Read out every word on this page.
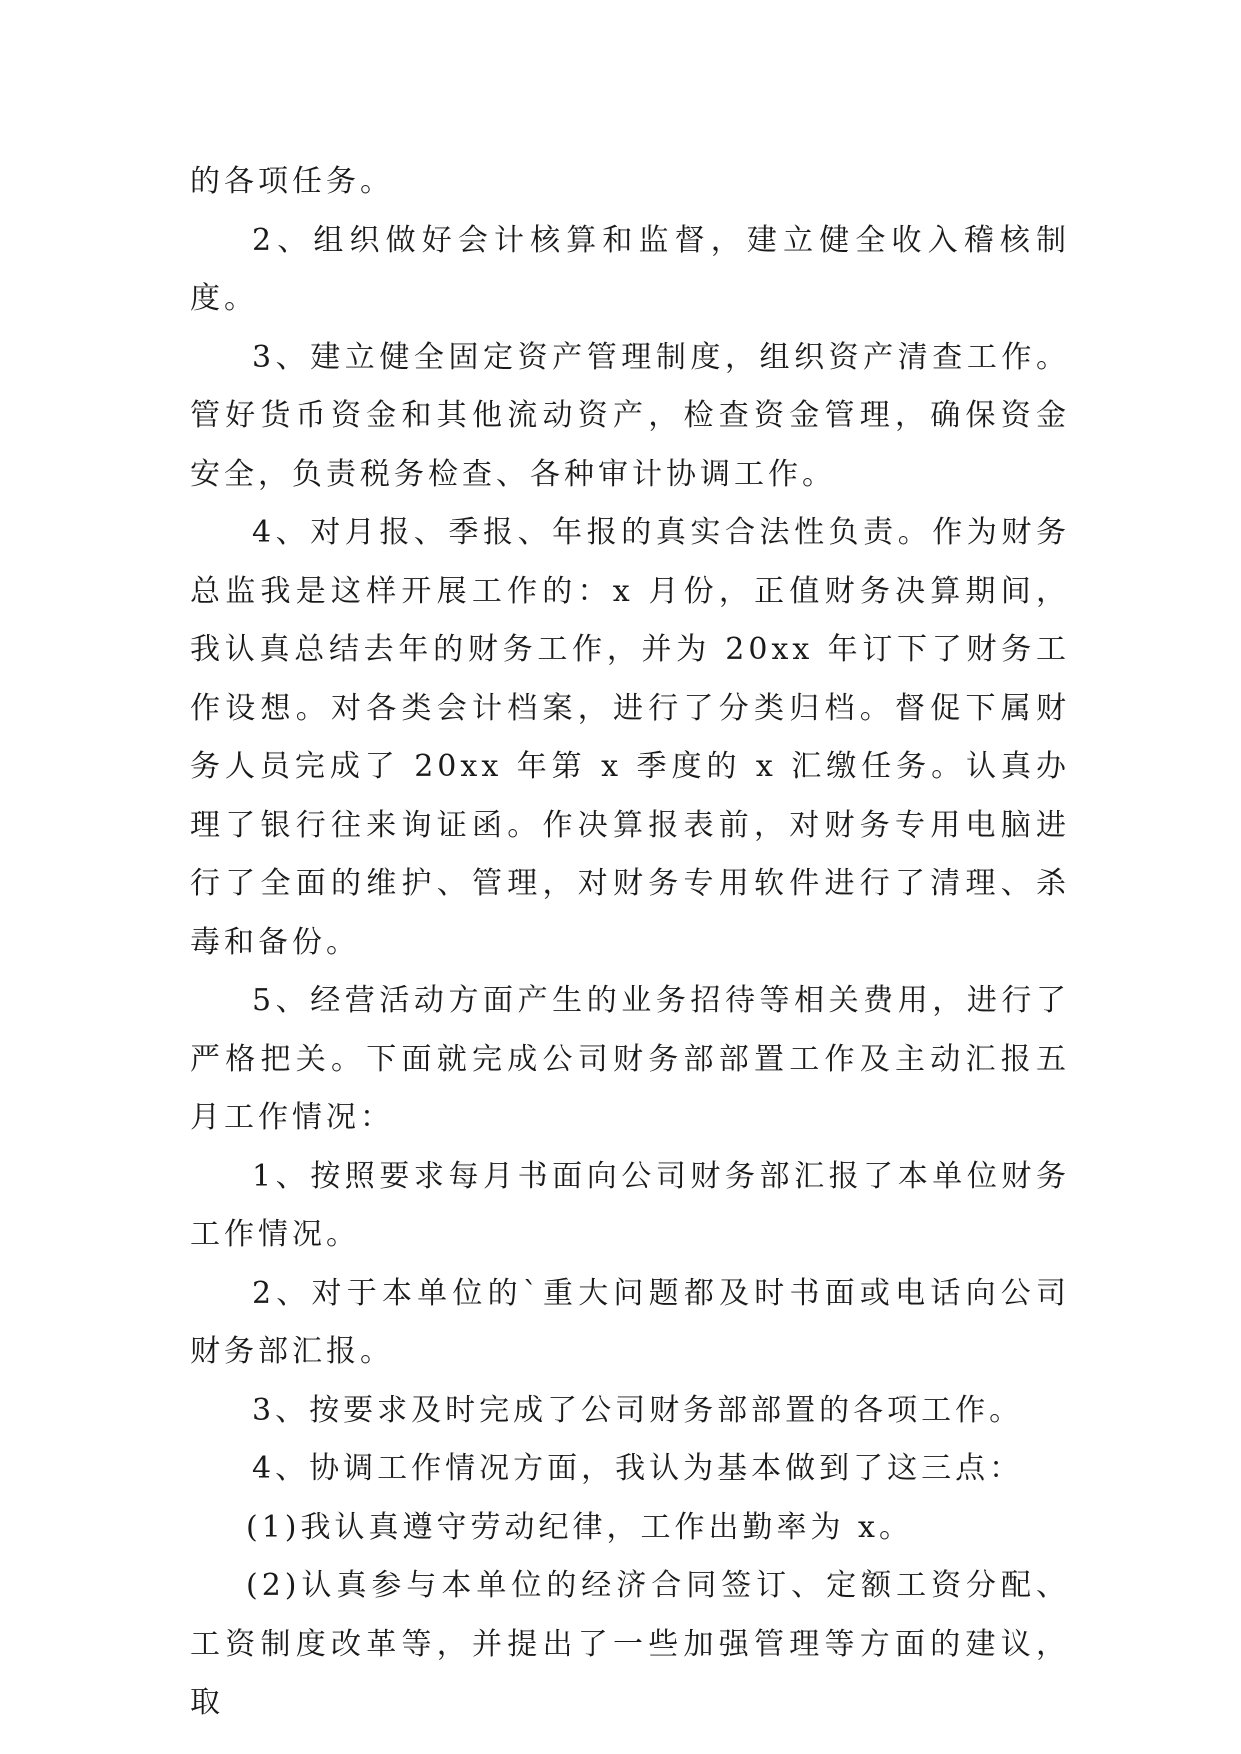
的各项任务。

2、组织做好会计核算和监督，建立健全收入稽核制度。

3、建立健全固定资产管理制度，组织资产清查工作。管好货币资金和其他流动资产，检查资金管理，确保资金安全，负责税务检查、各种审计协调工作。

4、对月报、季报、年报的真实合法性负责。作为财务总监我是这样开展工作的：x 月份，正值财务决算期间，我认真总结去年的财务工作，并为 20xx 年订下了财务工作设想。对各类会计档案，进行了分类归档。督促下属财务人员完成了 20xx 年第 x 季度的 x 汇缴任务。认真办理了银行往来询证函。作决算报表前，对财务专用电脑进行了全面的维护、管理，对财务专用软件进行了清理、杀毒和备份。

5、经营活动方面产生的业务招待等相关费用，进行了严格把关。下面就完成公司财务部部置工作及主动汇报五月工作情况：

1、按照要求每月书面向公司财务部汇报了本单位财务工作情况。

2、对于本单位的`重大问题都及时书面或电话向公司财务部汇报。

3、按要求及时完成了公司财务部部置的各项工作。

4、协调工作情况方面，我认为基本做到了这三点：

(1)我认真遵守劳动纪律，工作出勤率为 x。

(2)认真参与本单位的经济合同签订、定额工资分配、工资制度改革等，并提出了一些加强管理等方面的建议，取
